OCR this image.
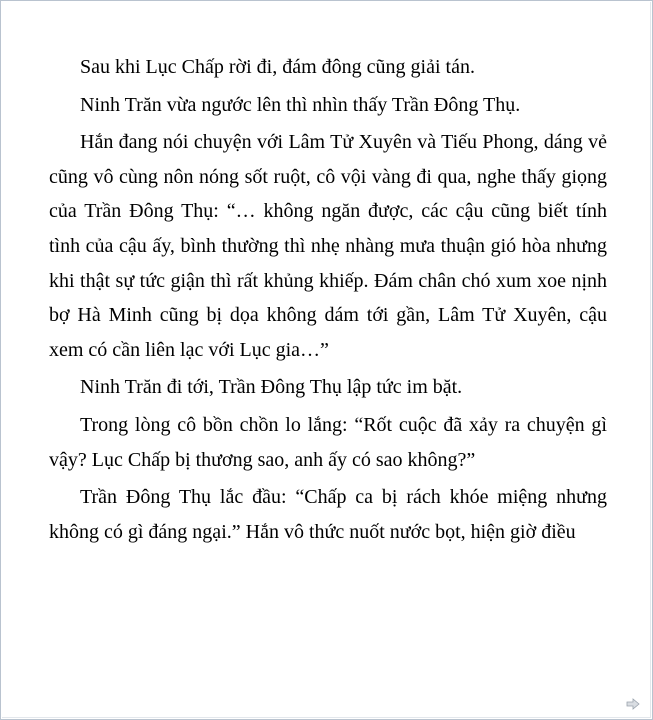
Sau khi Lục Chấp rời đi, đám đông cũng giải tán.

Ninh Trăn vừa ngước lên thì nhìn thấy Trần Đông Thụ.

Hắn đang nói chuyện với Lâm Tử Xuyên và Tiếu Phong, dáng vẻ cũng vô cùng nôn nóng sốt ruột, cô vội vàng đi qua, nghe thấy giọng của Trần Đông Thụ: “… không ngăn được, các cậu cũng biết tính tình của cậu ấy, bình thường thì nhẹ nhàng mưa thuận gió hòa nhưng khi thật sự tức giận thì rất khủng khiếp. Đám chân chó xum xoe nịnh bợ Hà Minh cũng bị dọa không dám tới gần, Lâm Tử Xuyên, cậu xem có cần liên lạc với Lục gia…”

Ninh Trăn đi tới, Trần Đông Thụ lập tức im bặt.

Trong lòng cô bồn chồn lo lắng: “Rốt cuộc đã xảy ra chuyện gì vậy? Lục Chấp bị thương sao, anh ấy có sao không?”

Trần Đông Thụ lắc đầu: “Chấp ca bị rách khóe miệng nhưng không có gì đáng ngại.” Hắn vô thức nuốt nước bọt, hiện giờ điều
